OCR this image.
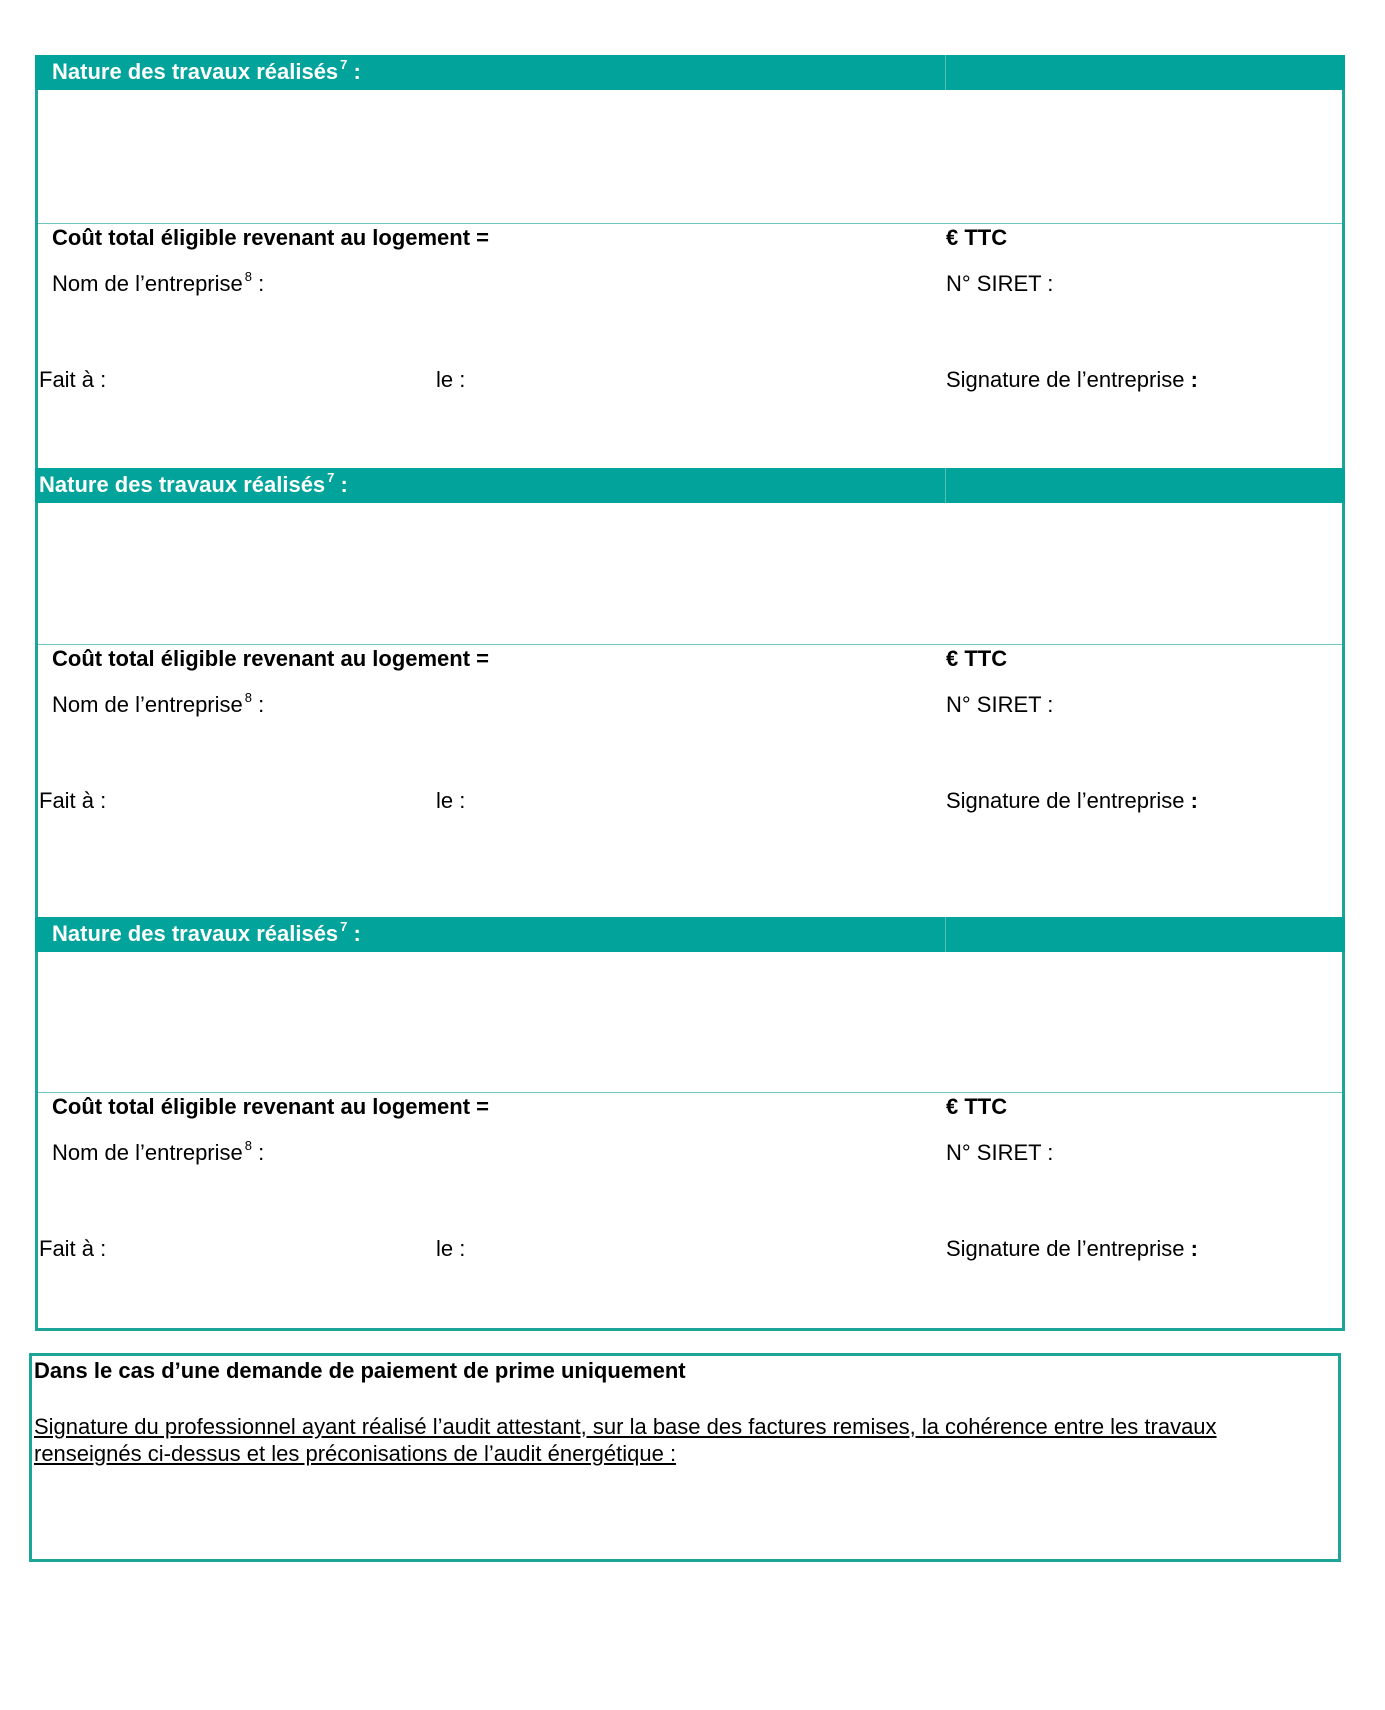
Nature des travaux réalisés $^7$ :
Coût total éligible revenant au logement =	€ TTC
Nom de l’entreprise $^8$ :	N° SIRET :
Fait à :	le :	Signature de l’entreprise :
Nature des travaux réalisés $^7$ :
Coût total éligible revenant au logement =	€ TTC
Nom de l’entreprise $^8$ :	N° SIRET :
Fait à :	le :	Signature de l’entreprise :
Nature des travaux réalisés $^7$ :
Coût total éligible revenant au logement =	€ TTC
Nom de l’entreprise $^8$ :	N° SIRET :
Fait à :	le :	Signature de l’entreprise :
Dans le cas d’une demande de paiement de prime uniquement
Signature du professionnel ayant réalisé l’audit attestant, sur la base des factures remises, la cohérence entre les travaux renseignés ci-dessus et les préconisations de l’audit énergétique :
